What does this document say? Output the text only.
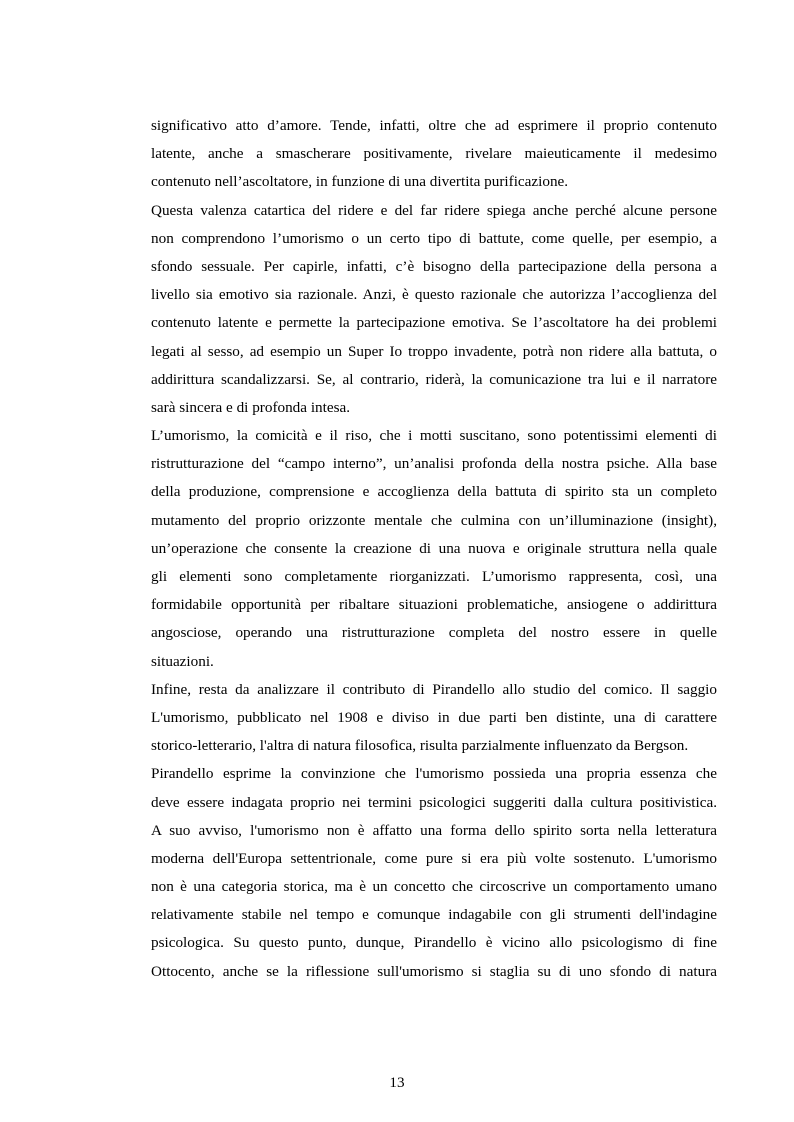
significativo atto d’amore. Tende, infatti, oltre che ad esprimere il proprio contenuto
latente, anche a smascherare positivamente, rivelare maieuticamente il medesimo
contenuto nell’ascoltatore, in funzione di una divertita purificazione.
Questa valenza catartica del ridere e del far ridere spiega anche perché alcune persone
non comprendono l’umorismo o un certo tipo di battute, come quelle, per esempio, a
sfondo sessuale. Per capirle, infatti, c’è bisogno della partecipazione della persona a
livello sia emotivo sia razionale. Anzi, è questo razionale che autorizza l’accoglienza del
contenuto latente e permette la partecipazione emotiva. Se l’ascoltatore ha dei problemi
legati al sesso, ad esempio un Super Io troppo invadente, potrà non ridere alla battuta, o
addirittura scandalizzarsi. Se, al contrario, riderà, la comunicazione tra lui e il narratore
sarà sincera e di profonda intesa.
L’umorismo, la comicità e il riso, che i motti suscitano, sono potentissimi elementi di
ristrutturazione del “campo interno”, un’analisi profonda della nostra psiche. Alla base
della produzione, comprensione e accoglienza della battuta di spirito sta un completo
mutamento del proprio orizzonte mentale che culmina con un’illuminazione (insight),
un’operazione che consente la creazione di una nuova e originale struttura nella quale
gli elementi sono completamente riorganizzati. L’umorismo rappresenta, così, una
formidabile opportunità per ribaltare situazioni problematiche, ansiogene o addirittura
angosciose, operando una ristrutturazione completa del nostro essere in quelle
situazioni.
Infine, resta da analizzare il contributo di Pirandello allo studio del comico. Il saggio
L'umorismo, pubblicato nel 1908 e diviso in due parti ben distinte, una di carattere
storico-letterario, l'altra di natura filosofica, risulta parzialmente influenzato da Bergson.
Pirandello esprime la convinzione che l'umorismo possieda una propria essenza che
deve essere indagata proprio nei termini psicologici suggeriti dalla cultura positivistica.
A suo avviso, l'umorismo non è affatto una forma dello spirito sorta nella letteratura
moderna dell'Europa settentrionale, come pure si era più volte sostenuto. L'umorismo
non è una categoria storica, ma è un concetto che circoscrive un comportamento umano
relativamente stabile nel tempo e comunque indagabile con gli strumenti dell'indagine
psicologica. Su questo punto, dunque, Pirandello è vicino allo psicologismo di fine
Ottocento, anche se la riflessione sull'umorismo si staglia su di uno sfondo di natura
13
